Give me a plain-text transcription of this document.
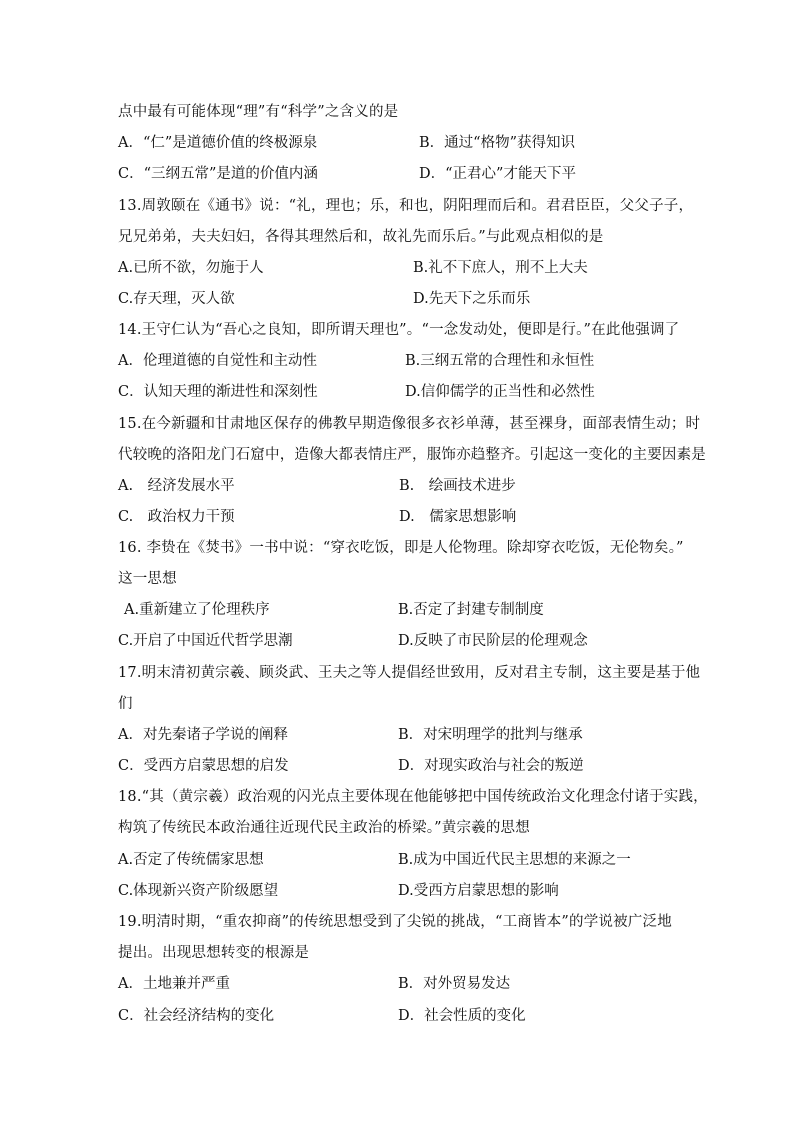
点中最有可能体现“理”有“科学”之含义的是
A．“仁”是道德价值的终极源泉	B．通过“格物”获得知识
C．“三纲五常”是道的价值内涵	D．“正君心”才能天下平
13.周敦颐在《通书》说：“礼，理也；乐，和也，阴阳理而后和。君君臣臣，父父子子，
兄兄弟弟，夫夫妇妇，各得其理然后和，故礼先而乐后。”与此观点相似的是
A.已所不欲，勿施于人	B.礼不下庶人，刑不上大夫
C.存天理，灭人欲	D.先天下之乐而乐
14.王守仁认为“吾心之良知，即所谓天理也”。“一念发动处，便即是行。”在此他强调了
A．伦理道德的自觉性和主动性	B.三纲五常的合理性和永恒性
C．认知天理的渐进性和深刻性	D.信仰儒学的正当性和必然性
15.在今新疆和甘肃地区保存的佛教早期造像很多衣衫单薄，甚至裸身，面部表情生动；时
代较晚的洛阳龙门石窟中，造像大都表情庄严，服饰亦趋整齐。引起这一变化的主要因素是
A.　经济发展水平	B.　绘画技术进步
C.　政治权力干预	D.　儒家思想影响
16. 李贽在《焚书》一书中说：“穿衣吃饭，即是人伦物理。除却穿衣吃饭，无伦物矣。”
这一思想
A.重新建立了伦理秩序	B.否定了封建专制制度
C.开启了中国近代哲学思潮	D.反映了市民阶层的伦理观念
17.明末清初黄宗羲、顾炎武、王夫之等人提倡经世致用，反对君主专制，这主要是基于他
们
A．对先秦诸子学说的阐释	B．对宋明理学的批判与继承
C．受西方启蒙思想的启发	D．对现实政治与社会的叛逆
18.“其（黄宗羲）政治观的闪光点主要体现在他能够把中国传统政治文化理念付诸于实践，
构筑了传统民本政治通往近现代民主政治的桥梁。”黄宗羲的思想
A.否定了传统儒家思想	B.成为中国近代民主思想的来源之一
C.体现新兴资产阶级愿望	D.受西方启蒙思想的影响
19.明清时期，“重农抑商”的传统思想受到了尖锐的挑战，“工商皆本”的学说被广泛地
提出。出现思想转变的根源是
A．土地兼并严重	B．对外贸易发达
C．社会经济结构的变化	D．社会性质的变化
